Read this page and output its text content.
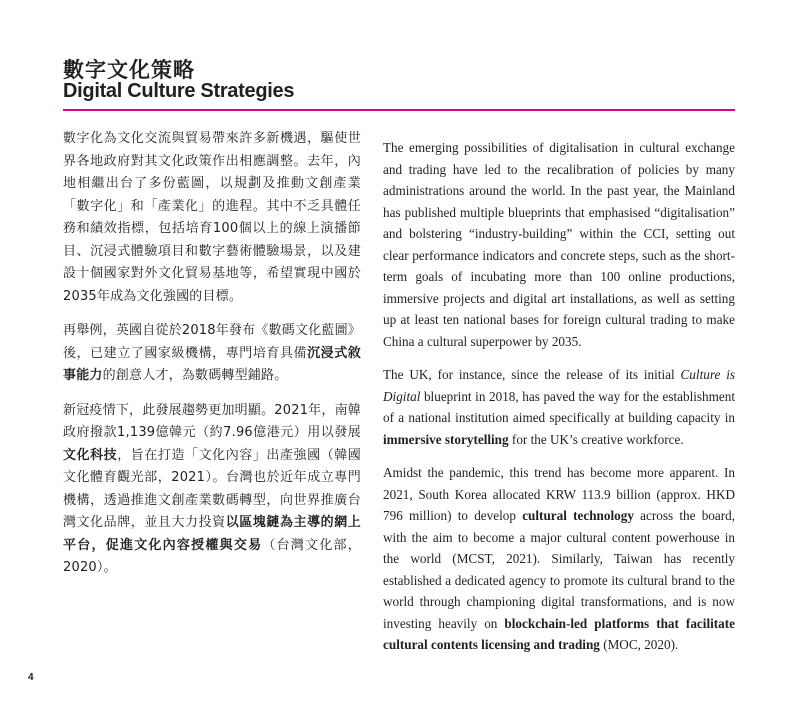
數字文化策略
Digital Culture Strategies

數字化為文化交流與貿易帶來許多新機遇，驅使世界各地政府對其文化政策作出相應調整。去年，內地相繼出台了多份藍圖，以規劃及推動文創產業「數字化」和「產業化」的進程。其中不乏具體任務和績效指標，包括培育100個以上的線上演播節目、沉浸式體驗項目和數字藝術體驗場景，以及建設十個國家對外文化貿易基地等，希望實現中國於2035年成為文化強國的目標。

再舉例，英國自從於2018年發布《數碼文化藍圖》後，已建立了國家級機構，專門培育具備沉浸式敘事能力的創意人才，為數碼轉型鋪路。

新冠疫情下，此發展趨勢更加明顯。2021年，南韓政府撥款1,139億韓元（約7.96億港元）用以發展文化科技，旨在打造「文化內容」出產強國（韓國文化體育觀光部，2021）。台灣也於近年成立專門機構，透過推進文創產業數碼轉型，向世界推廣台灣文化品牌，並且大力投資以區塊鏈為主導的網上平台，促進文化內容授權與交易（台灣文化部，2020）。

The emerging possibilities of digitalisation in cultural exchange and trading have led to the recalibration of policies by many administrations around the world. In the past year, the Mainland has published multiple blueprints that emphasised “digitalisation” and bolstering “industry-building” within the CCI, setting out clear performance indicators and concrete steps, such as the short-term goals of incubating more than 100 online productions, immersive projects and digital art installations, as well as setting up at least ten national bases for foreign cultural trading to make China a cultural superpower by 2035.

The UK, for instance, since the release of its initial Culture is Digital blueprint in 2018, has paved the way for the establishment of a national institution aimed specifically at building capacity in immersive storytelling for the UK’s creative workforce.

Amidst the pandemic, this trend has become more apparent. In 2021, South Korea allocated KRW 113.9 billion (approx. HKD 796 million) to develop cultural technology across the board, with the aim to become a major cultural content powerhouse in the world (MCST, 2021). Similarly, Taiwan has recently established a dedicated agency to promote its cultural brand to the world through championing digital transformations, and is now investing heavily on blockchain-led platforms that facilitate cultural contents licensing and trading (MOC, 2020).

4
